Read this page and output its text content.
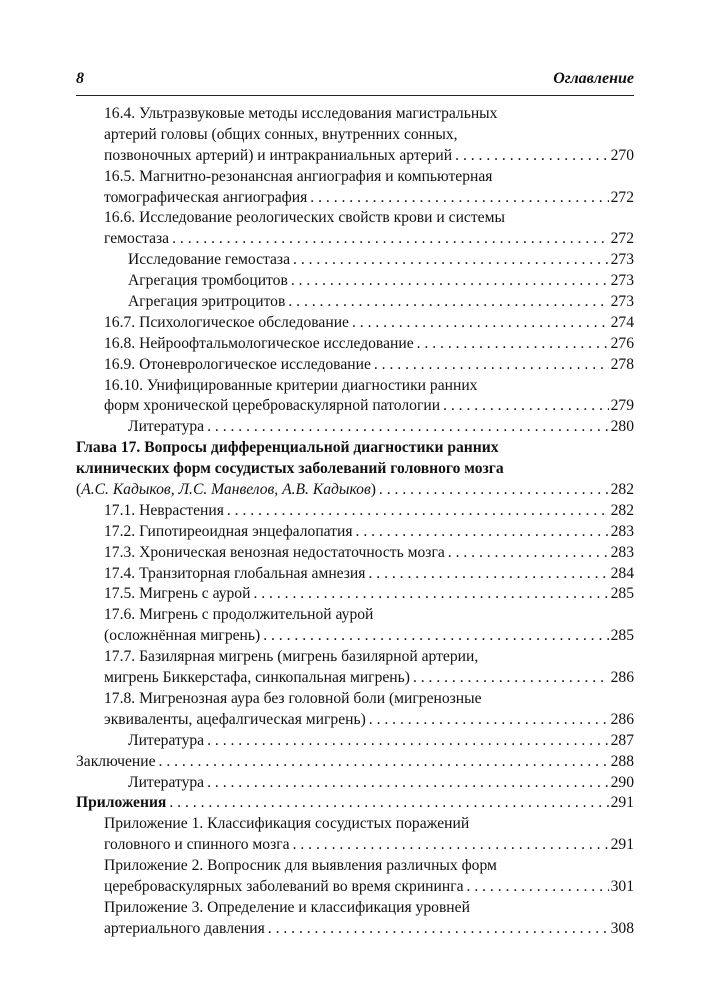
8	Оглавление
16.4. Ультразвуковые методы исследования магистральных
артерий головы (общих сонных, внутренних сонных,
позвоночных артерий) и интракраниальных артерий . . .	270
16.5. Магнитно-резонансная ангиография и компьютерная
томографическая ангиография . . .	272
16.6. Исследование реологических свойств крови и системы
гемостаза . . .	272
Исследование гемостаза . . .	273
Агрегация тромбоцитов . . .	273
Агрегация эритроцитов . . .	273
16.7. Психологическое обследование . . .	274
16.8. Нейроофтальмологическое исследование . . .	276
16.9. Отоневрологическое исследование . . .	278
16.10. Унифицированные критерии диагностики ранних
форм хронической цереброваскулярной патологии . . .	279
Литература . . .	280
Глава 17. Вопросы дифференциальной диагностики ранних
клинических форм сосудистых заболеваний головного мозга
(А.С. Кадыков, Л.С. Манвелов, А.В. Кадыков) . . .	282
17.1. Неврастения . . .	282
17.2. Гипотиреоидная энцефалопатия . . .	283
17.3. Хроническая венозная недостаточность мозга . . .	283
17.4. Транзиторная глобальная амнезия . . .	284
17.5. Мигрень с аурой . . .	285
17.6. Мигрень с продолжительной аурой
(осложнённая мигрень) . . .	285
17.7. Базилярная мигрень (мигрень базилярной артерии,
мигрень Биккерстафа, синкопальная мигрень) . . .	286
17.8. Мигренозная аура без головной боли (мигренозные
эквиваленты, ацефалгическая мигрень) . . .	286
Литература . . .	287
Заключение . . .	288
Литература . . .	290
Приложения . . .	291
Приложение 1. Классификация сосудистых поражений
головного и спинного мозга . . .	291
Приложение 2. Вопросник для выявления различных форм
цереброваскулярных заболеваний во время скрининга . . .	301
Приложение 3. Определение и классификация уровней
артериального давления . . .	308
